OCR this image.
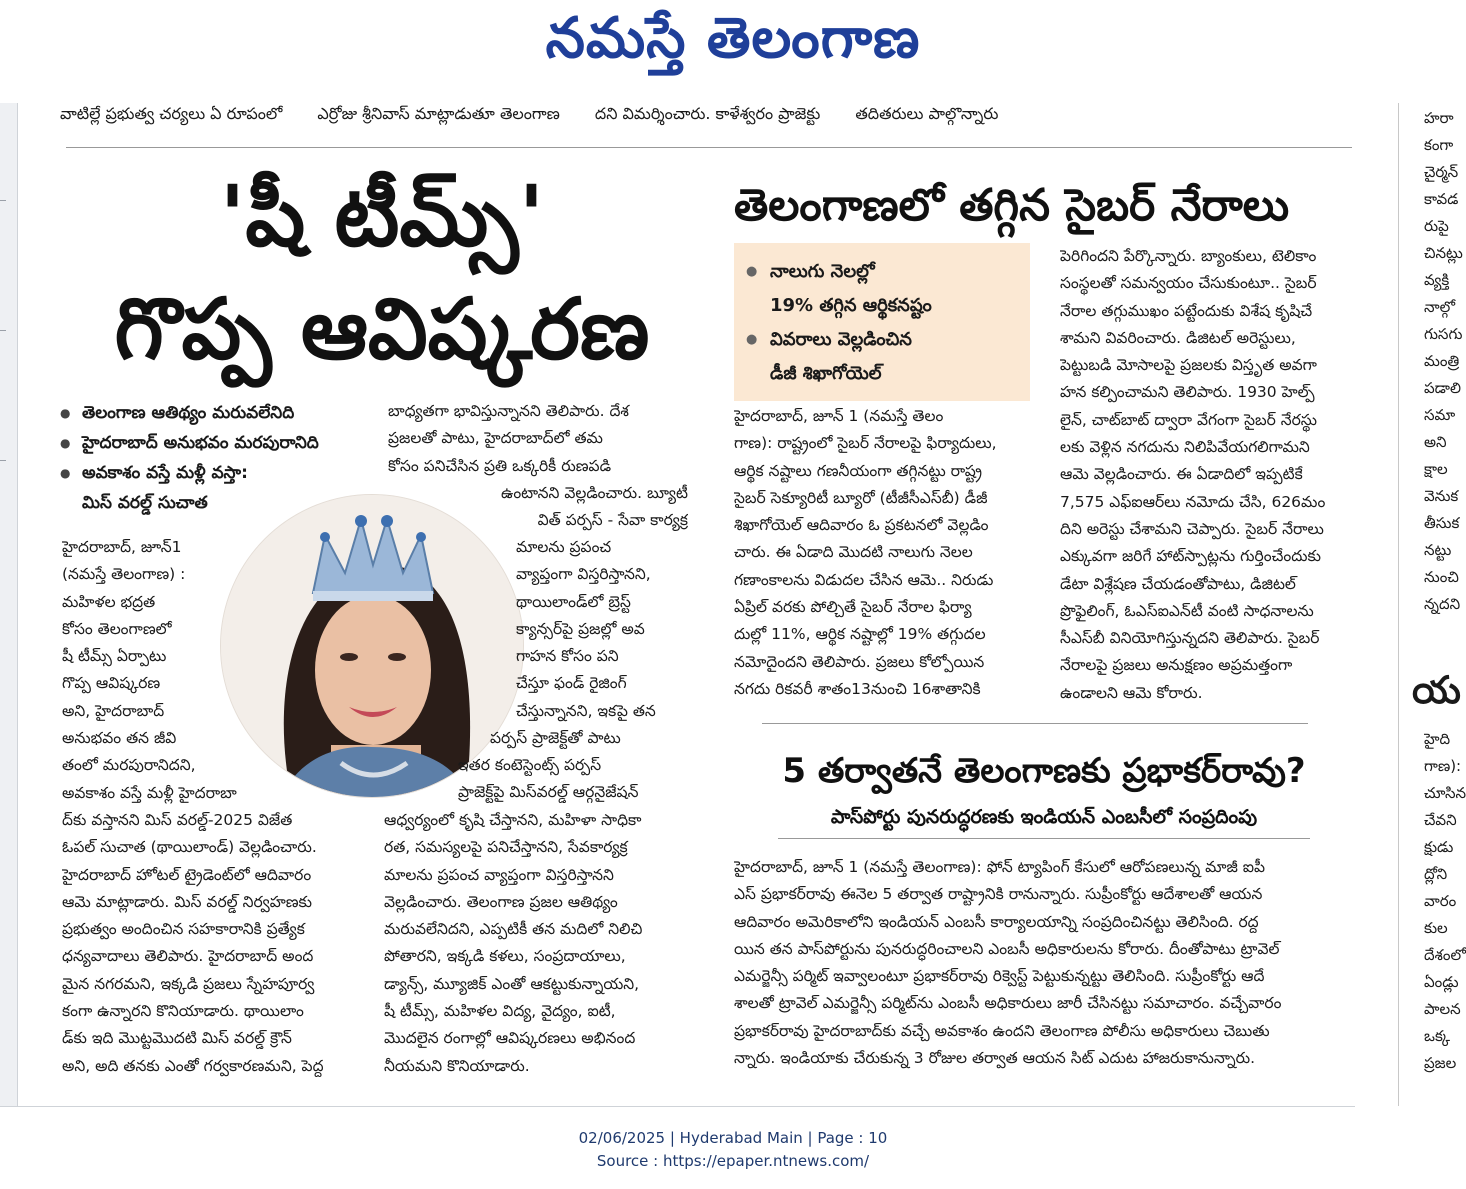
నమస్తే తెలంగాణ
వాటిల్లే ప్రభుత్వ చర్యలు ఏ రూపంలో ఎర్రోజు శ్రీనివాస్ మాట్లాడుతూ తెలంగాణ దని విమర్శించారు. కాళేశ్వరం ప్రాజెక్టు తదితరులు పాల్గొన్నారు
'షీ టీమ్స్'
గొప్ప ఆవిష్కరణ
● తెలంగాణ ఆతిథ్యం మరువలేనిది
● హైదరాబాద్ అనుభవం మరపురానిది
● అవకాశం వస్తే మళ్లీ వస్తా:
మిస్ వరల్డ్ సుచాత

హైదరాబాద్, జూన్1

(నమస్తే తెలంగాణ) :

మహిళల భద్రత

కోసం తెలంగాణలో

షీ టీమ్స్ ఏర్పాటు

గొప్ప ఆవిష్కరణ

అని, హైదరాబాద్

అనుభవం తన జీవి

తంలో మరపురానిదని,

అవకాశం వస్తే మళ్లీ హైదరాబా

ద్‌కు వస్తానని మిస్ వరల్డ్-2025 విజేత

ఓపల్ సుచాత (థాయిలాండ్) వెల్లడించారు.

హైదరాబాద్ హోటల్ ట్రైడెంట్‌లో ఆదివారం

ఆమె మాట్లాడారు. మిస్ వరల్డ్ నిర్వహణకు

ప్రభుత్వం అందించిన సహకారానికి ప్రత్యేక

ధన్యవాదాలు తెలిపారు. హైదరాబాద్ అంద

మైన నగరమని, ఇక్కడి ప్రజలు స్నేహపూర్వ

కంగా ఉన్నారని కొనియాడారు. థాయిలాం

డ్‌కు ఇది మొట్టమొదటి మిస్ వరల్డ్ క్రౌన్

అని, అది తనకు ఎంతో గర్వకారణమని, పెద్ద

బాధ్యతగా భావిస్తున్నానని తెలిపారు. దేశ

ప్రజలతో పాటు, హైదరాబాద్‌లో తమ

కోసం పనిచేసిన ప్రతి ఒక్కరికీ రుణపడి

ఉంటానని వెల్లడించారు. బ్యూటీ

విత్ పర్పస్ - సేవా కార్యక్ర

మాలను ప్రపంచ

వ్యాప్తంగా విస్తరిస్తానని,

థాయిలాండ్‌లో బ్రెస్ట్

క్యాన్సర్‌పై ప్రజల్లో అవ

గాహన కోసం పని

చేస్తూ ఫండ్ రైజింగ్

చేస్తున్నానని, ఇకపై తన

పర్పస్ ప్రాజెక్ట్‌తో పాటు

ఇతర కంటెస్టెంట్స్ పర్పస్

ప్రాజెక్ట్‌పై మిస్‌వరల్డ్ ఆర్గనైజేషన్

ఆధ్వర్యంలో కృషి చేస్తానని, మహిళా సాధికా

రత, సమస్యలపై పనిచేస్తానని, సేవకార్యక్ర

మాలను ప్రపంచ వ్యాప్తంగా విస్తరిస్తానని

వెల్లడించారు. తెలంగాణ ప్రజల ఆతిథ్యం

మరువలేనిదని, ఎప్పటికీ తన మదిలో నిలిచి

పోతారని, ఇక్కడి కళలు, సంప్రదాయాలు,

డ్యాన్స్, మ్యూజిక్ ఎంతో ఆకట్టుకున్నాయని,

షీ టీమ్స్, మహిళల విద్య, వైద్యం, ఐటీ,

మొదలైన రంగాల్లో ఆవిష్కరణలు అభినంద

నీయమని కొనియాడారు.

తెలంగాణలో తగ్గిన సైబర్ నేరాలు
● నాలుగు నెలల్లో
19% తగ్గిన ఆర్థికనష్టం
● వివరాలు వెల్లడించిన
డీజీ శిఖాగోయెల్

హైదరాబాద్, జూన్ 1 (నమస్తే తెలం

గాణ): రాష్ట్రంలో సైబర్ నేరాలపై ఫిర్యాదులు,

ఆర్థిక నష్టాలు గణనీయంగా తగ్గినట్టు రాష్ట్ర

సైబర్ సెక్యూరిటీ బ్యూరో (టీజీసీఎస్‌బీ) డీజీ

శిఖాగోయెల్ ఆదివారం ఓ ప్రకటనలో వెల్లడిం

చారు. ఈ ఏడాది మొదటి నాలుగు నెలల

గణాంకాలను విడుదల చేసిన ఆమె.. నిరుడు

ఏప్రిల్ వరకు పోల్చితే సైబర్ నేరాల ఫిర్యా

దుల్లో 11%, ఆర్థిక నష్టాల్లో 19% తగ్గుదల

నమోదైందని తెలిపారు. ప్రజలు కోల్పోయిన

నగదు రికవరీ శాతం13నుంచి 16శాతానికి

పెరిగిందని పేర్కొన్నారు. బ్యాంకులు, టెలికాం

సంస్థలతో సమన్వయం చేసుకుంటూ.. సైబర్

నేరాల తగ్గుముఖం పట్టేందుకు విశేష కృషిచే

శామని వివరించారు. డిజిటల్ అరెస్టులు,

పెట్టుబడి మోసాలపై ప్రజలకు విస్తృత అవగా

హన కల్పించామని తెలిపారు. 1930 హెల్ప్

లైన్, చాట్‌బాట్ ద్వారా వేగంగా సైబర్ నేరస్థు

లకు వెళ్లిన నగదును నిలిపివేయగలిగామని

ఆమె వెల్లడించారు. ఈ ఏడాదిలో ఇప్పటికే

7,575 ఎఫ్ఐఆర్‌లు నమోదు చేసి, 626మం

దిని అరెస్టు చేశామని చెప్పారు. సైబర్ నేరాలు

ఎక్కువగా జరిగే హాట్‌స్పాట్లను గుర్తించేందుకు

డేటా విశ్లేషణ చేయడంతోపాటు, డిజిటల్

ప్రొఫైలింగ్, ఓఎస్ఐఎన్‌టీ వంటి సాధనాలను

సీఎస్‌బీ వినియోగిస్తున్నదని తెలిపారు. సైబర్

నేరాలపై ప్రజలు అనుక్షణం అప్రమత్తంగా

ఉండాలని ఆమె కోరారు.

5 తర్వాతనే తెలంగాణకు ప్రభాకర్‌రావు?
పాస్‌పోర్టు పునరుద్ధరణకు ఇండియన్ ఎంబసీలో సంప్రదింపు

హైదరాబాద్, జూన్ 1 (నమస్తే తెలంగాణ): ఫోన్ ట్యాపింగ్ కేసులో ఆరోపణలున్న మాజీ ఐపీ

ఎస్ ప్రభాకర్‌రావు ఈనెల 5 తర్వాత రాష్ట్రానికి రానున్నారు. సుప్రీంకోర్టు ఆదేశాలతో ఆయన

ఆదివారం అమెరికాలోని ఇండియన్ ఎంబసీ కార్యాలయాన్ని సంప్రదించినట్టు తెలిసింది. రద్ద

యిన తన పాస్‌పోర్టును పునరుద్ధరించాలని ఎంబసీ అధికారులను కోరారు. దీంతోపాటు ట్రావెల్

ఎమర్జెన్సీ పర్మిట్ ఇవ్వాలంటూ ప్రభాకర్‌రావు రిక్వెస్ట్ పెట్టుకున్నట్టు తెలిసింది. సుప్రీంకోర్టు ఆదే

శాలతో ట్రావెల్ ఎమర్జెన్సీ పర్మిట్‌ను ఎంబసీ అధికారులు జారీ చేసినట్టు సమాచారం. వచ్చేవారం

ప్రభాకర్‌రావు హైదరాబాద్‌కు వచ్చే అవకాశం ఉందని తెలంగాణ పోలీసు అధికారులు చెబుతు

న్నారు. ఇండియాకు చేరుకున్న 3 రోజుల తర్వాత ఆయన సిట్ ఎదుట హాజరుకానున్నారు.

హరా
కంగా
చైర్మన్
కావడ
రుపై
చినట్లు
వ్యక్తి
నాల్గో
గుసగు
మంత్రి
పడాలి
సమా
అని
క్షాల
వెనుక
తీసుక
నట్టు
నుంచి
న్నదని
య
హైది
గాణ):
చూసిన
చేవని
క్షుడు
ద్లోని
వారం
కుల
దేశంలో
ఏండ్లు
పాలన
ఒక్క
ప్రజల
02/06/2025 | Hyderabad Main | Page : 10
Source : https://epaper.ntnews.com/
